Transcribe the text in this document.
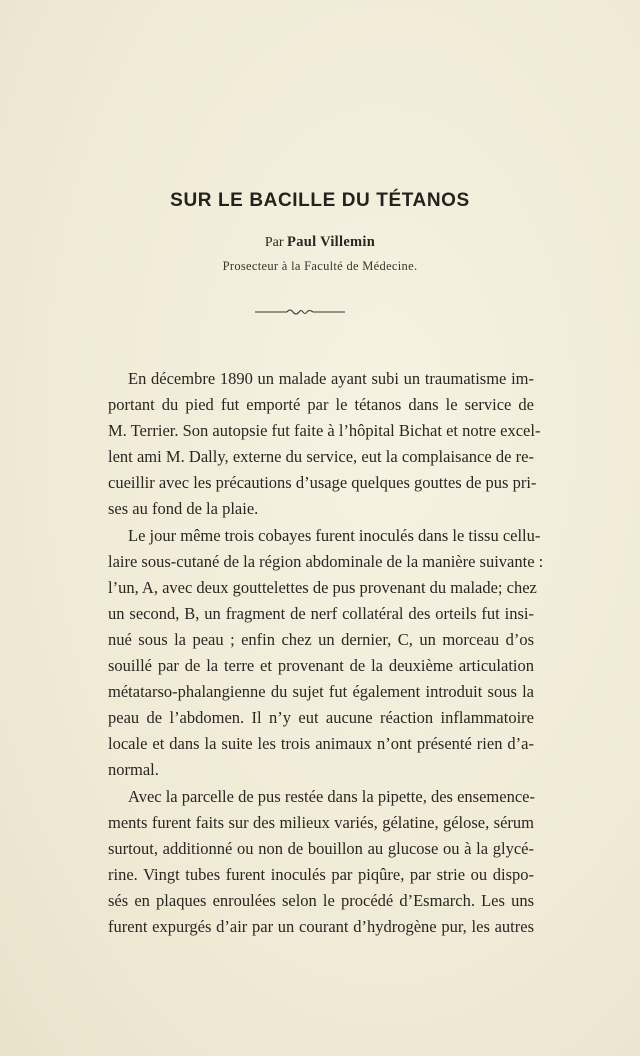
SUR LE BACILLE DU TÉTANOS
Par Paul Villemin
Prosecteur à la Faculté de Médecine.
En décembre 1890 un malade ayant subi un traumatisme im-
portant du pied fut emporté par le tétanos dans le service de
M. Terrier. Son autopsie fut faite à l’hôpital Bichat et notre excel-
lent ami M. Dally, externe du service, eut la complaisance de re-
cueillir avec les précautions d’usage quelques gouttes de pus pri-
ses au fond de la plaie.
Le jour même trois cobayes furent inoculés dans le tissu cellu-
laire sous-cutané de la région abdominale de la manière suivante :
l’un, A, avec deux gouttelettes de pus provenant du malade; chez
un second, B, un fragment de nerf collatéral des orteils fut insi-
nué sous la peau ; enfin chez un dernier, C, un morceau d’os
souillé par de la terre et provenant de la deuxième articulation
métatarso-phalangienne du sujet fut également introduit sous la
peau de l’abdomen. Il n’y eut aucune réaction inflammatoire
locale et dans la suite les trois animaux n’ont présenté rien d’a-
normal.
Avec la parcelle de pus restée dans la pipette, des ensemence-
ments furent faits sur des milieux variés, gélatine, gélose, sérum
surtout, additionné ou non de bouillon au glucose ou à la glycé-
rine. Vingt tubes furent inoculés par piqûre, par strie ou dispo-
sés en plaques enroulées selon le procédé d’Esmarch. Les uns
furent expurgés d’air par un courant d’hydrogène pur, les autres
